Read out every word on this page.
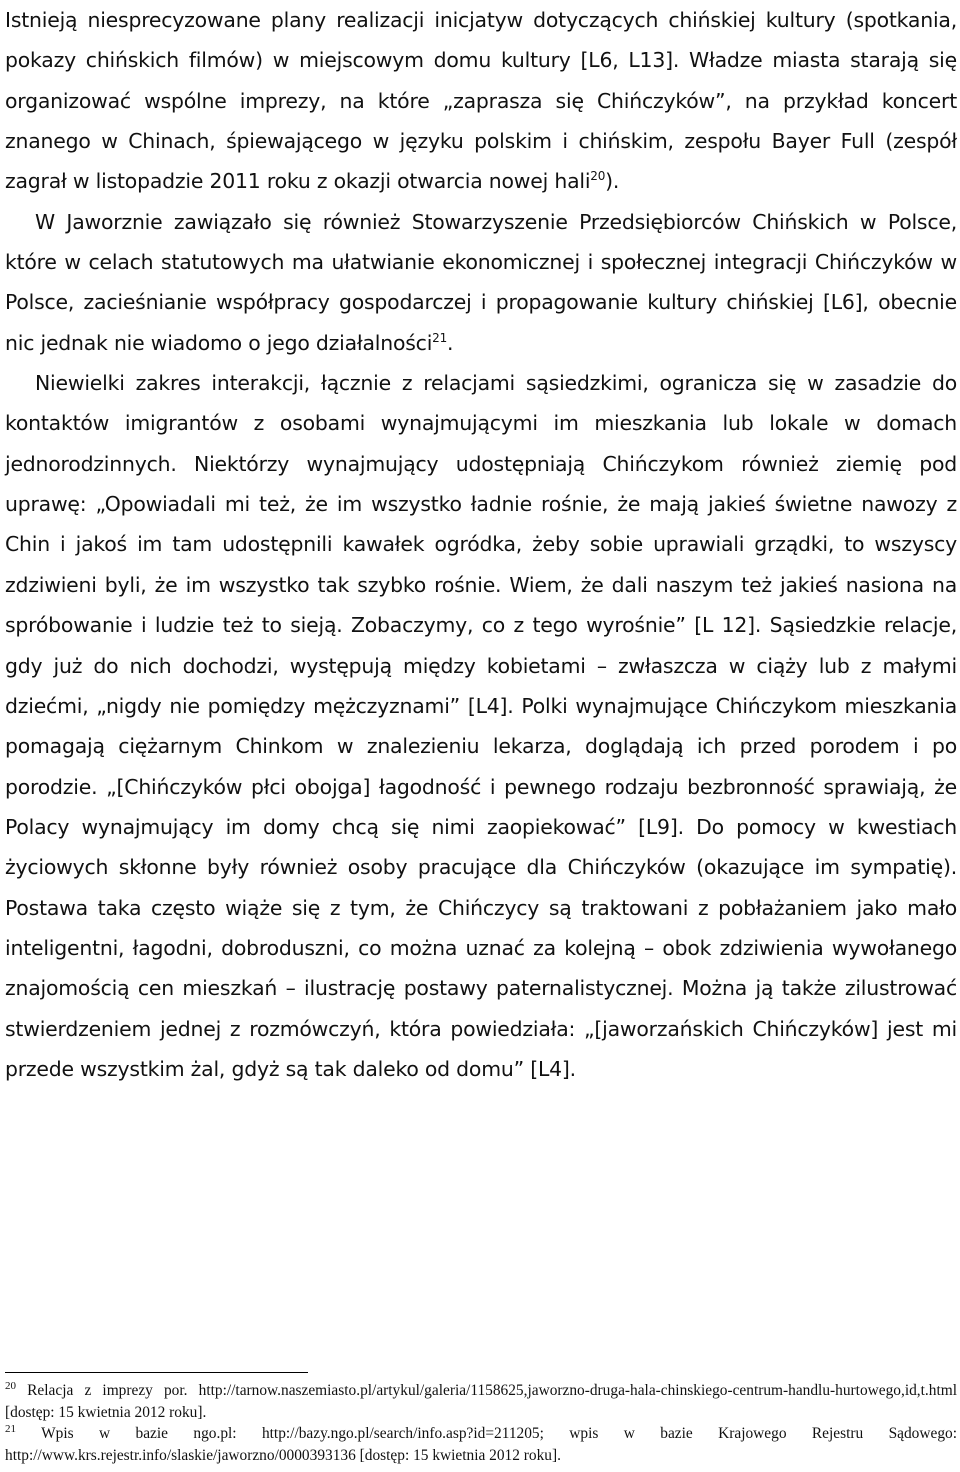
Istnieją niesprecyzowane plany realizacji inicjatyw dotyczących chińskiej kultury (spotkania, pokazy chińskich filmów) w miejscowym domu kultury [L6, L13]. Władze miasta starają się organizować wspólne imprezy, na które „zaprasza się Chińczyków”, na przykład koncert znanego w Chinach, śpiewającego w języku polskim i chińskim, zespołu Bayer Full (zespół zagrał w listopadzie 2011 roku z okazji otwarcia nowej hali$^{20}$).

W Jaworznie zawiązało się również Stowarzyszenie Przedsiębiorców Chińskich w Polsce, które w celach statutowych ma ułatwianie ekonomicznej i społecznej integracji Chińczyków w Polsce, zacieśnianie współpracy gospodarczej i propagowanie kultury chińskiej [L6], obecnie nic jednak nie wiadomo o jego działalności$^{21}$.

Niewielki zakres interakcji, łącznie z relacjami sąsiedzkimi, ogranicza się w zasadzie do kontaktów imigrantów z osobami wynajmującymi im mieszkania lub lokale w domach jednorodzinnych. Niektórzy wynajmujący udostępniają Chińczykom również ziemię pod uprawę: „Opowiadali mi też, że im wszystko ładnie rośnie, że mają jakieś świetne nawozy z Chin i jakoś im tam udostępnili kawałek ogródka, żeby sobie uprawiali grządki, to wszyscy zdziwieni byli, że im wszystko tak szybko rośnie. Wiem, że dali naszym też jakieś nasiona na spróbowanie i ludzie też to sieją. Zobaczymy, co z tego wyrośnie” [L 12]. Sąsiedzkie relacje, gdy już do nich dochodzi, występują między kobietami – zwłaszcza w ciąży lub z małymi dziećmi, „nigdy nie pomiędzy mężczyznami” [L4]. Polki wynajmujące Chińczykom mieszkania pomagają ciężarnym Chinkom w znalezieniu lekarza, doglądają ich przed porodem i po porodzie. „[Chińczyków płci obojga] łagodność i pewnego rodzaju bezbronność sprawiają, że Polacy wynajmujący im domy chcą się nimi zaopiekować” [L9]. Do pomocy w kwestiach życiowych skłonne były również osoby pracujące dla Chińczyków (okazujące im sympatię). Postawa taka często wiąże się z tym, że Chińczycy są traktowani z pobłażaniem jako mało inteligentni, łagodni, dobroduszni, co można uznać za kolejną – obok zdziwienia wywołanego znajomością cen mieszkań – ilustrację postawy paternalistycznej. Można ją także zilustrować stwierdzeniem jednej z rozmówczyń, która powiedziała: „[jaworzańskich Chińczyków] jest mi przede wszystkim żal, gdyż są tak daleko od domu” [L4].

$^{20}$ Relacja z imprezy por. http://tarnow.naszemiasto.pl/artykul/galeria/1158625,jaworzno-druga-hala-chinskiego-centrum-handlu-hurtowego,id,t.html [dostęp: 15 kwietnia 2012 roku].

$^{21}$ Wpis w bazie ngo.pl: http://bazy.ngo.pl/search/info.asp?id=211205; wpis w bazie Krajowego Rejestru Sądowego: http://www.krs.rejestr.info/slaskie/jaworzno/0000393136 [dostęp: 15 kwietnia 2012 roku].
